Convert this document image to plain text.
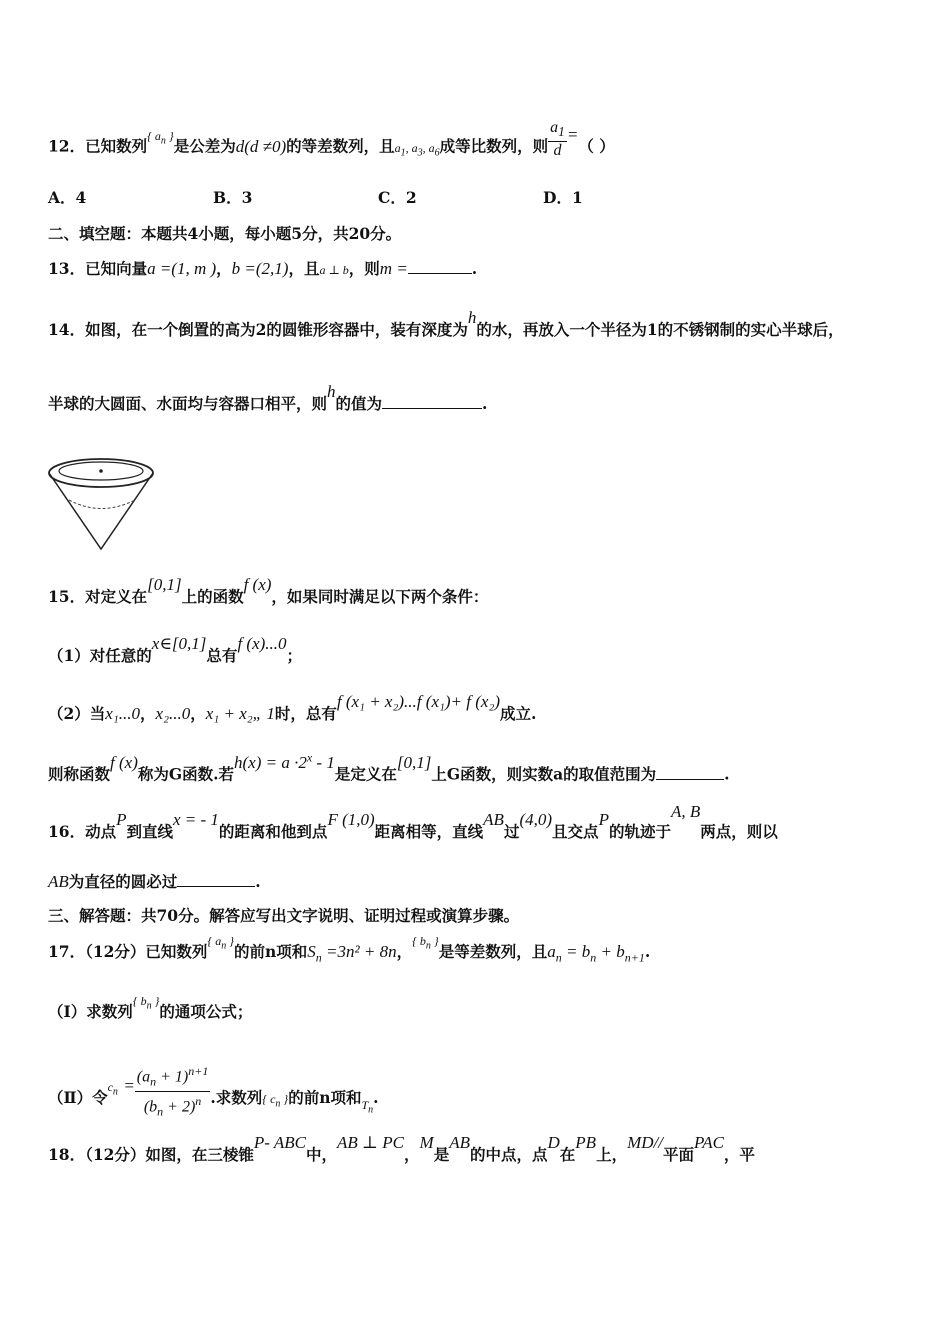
12．已知数列$^{\{ a_n \}}$是公差为d(d ≠0)的等差数列，且$a_1$, $a_3$, $a_6$成等比数列，则 $\frac{a_1}{d}$ =（ ）
A．4	B．3	C．2	D．1
二、填空题：本题共4小题，每小题5分，共20分。
13．已知向量a =(1, m )，b =(2,1)，且a ⊥ b，则m =	.
14．如图，在一个倒置的高为2的圆锥形容器中，装有深度为h的水，再放入一个半径为1的不锈钢制的实心半球后，
半球的大圆面、水面均与容器口相平，则h的值为	.
15．对定义在[0,1]上的函数f (x)，如果同时满足以下两个条件：
（1）对任意的x∈[0,1]总有f (x)...0；
（2）当x₁...0，x₂...0，x₁ + x₂„ 1时，总有f (x₁ + x₂)...f (x₁)+ f (x₂)成立.
则称函数f (x)称为G函数.若$h(x) = a \cdot 2^x - 1$是定义在[0,1]上G函数，则实数a的取值范围为	.
16．动点P到直线x = - 1的距离和他到点F (1,0)距离相等，直线AB过(4,0)且交点P的轨迹于A, B两点，则以
AB为直径的圆必过	.
三、解答题：共70分。解答应写出文字说明、证明过程或演算步骤。
17．（12分）已知数列$^{\{ a_n \}}$的前n项和$S_n =3n^2 + 8n$，$^{\{ b_n \}}$是等差数列，且$a_n = b_n + b_{n+1}$.
（Ⅰ）求数列$^{\{ b_n \}}$的通项公式；
（Ⅱ）令$^{c_n} = \frac{(a_n + 1)^{n+1}}{(b_n + 2)^n}$ .求数列{ $c_n$ }的前n项和$_{T_n}$.
18．（12分）如图，在三棱锥P- ABC中，AB ⊥ PC，M是AB的中点，点D在PB上，MD//平面PAC，平
